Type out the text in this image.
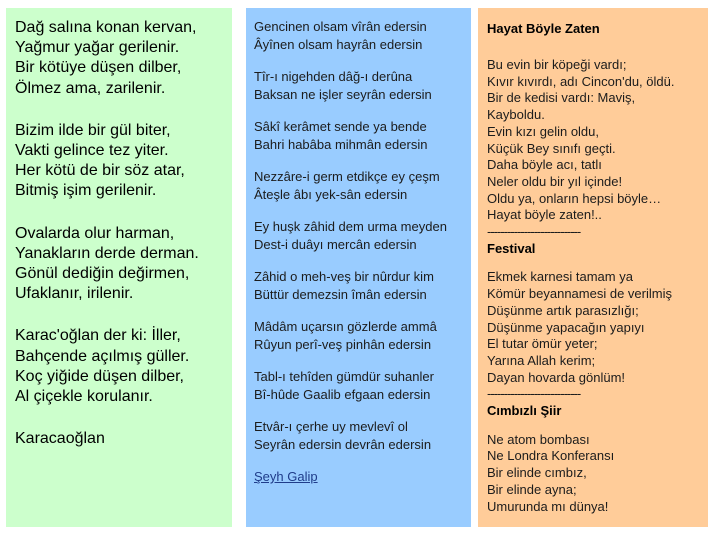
Dağ salına konan kervan,
Yağmur yağar gerilenir.
Bir kötüye düşen dilber,
Ölmez ama, zarilenir.

Bizim ilde bir gül biter,
Vakti gelince tez yiter.
Her kötü de bir söz atar,
Bitmiş işim gerilenir.

Ovalarda olur harman,
Yanakların derde derman.
Gönül dediğin değirmen,
Ufaklanır, irilenir.

Karac'oğlan der ki: İller,
Bahçende açılmış güller.
Koç yiğide düşen dilber,
Al çiçekle korulanır.

Karacaoğlan

Gencinen olsam vîrân edersin
Âyînen olsam hayrân edersin
Tîr-ı nigehden dâğ-ı derûna
Baksan ne işler seyrân edersin
Sâkî kerâmet sende ya bende
Bahri habâba mihmân edersin
Nezzâre-i germ etdikçe ey çeşm
Âteşle âbı yek-sân edersin
Ey huşk zâhid dem urma meyden
Dest-i duâyı mercân edersin
Zâhid o meh-veş bir nûrdur kim
Büttür demezsin îmân edersin
Mâdâm uçarsın gözlerde ammâ
Rûyun perî-veş pinhân edersin
Tabl-ı tehîden gümdür suhanler
Bî-hûde Gaalib efgaan edersin
Etvâr-ı çerhe uy mevlevî ol
Seyrân edersin devrân edersin
Şeyh Galip
Hayat Böyle Zaten
Bu evin bir köpeği vardı;
Kıvır kıvırdı, adı Cincon'du, öldü.
Bir de kedisi vardı: Maviş,
Kayboldu.
Evin kızı gelin oldu,
Küçük Bey sınıfı geçti.
Daha böyle acı, tatlı
Neler oldu bir yıl içinde!
Oldu ya, onların hepsi böyle…
Hayat böyle zaten!..
----------------------------
Festival
Ekmek karnesi tamam ya
Kömür beyannamesi de verilmiş
Düşünme artık parasızlığı;
Düşünme yapacağın yapıyı
El tutar ömür yeter;
Yarına Allah kerim;
Dayan hovarda gönlüm!
----------------------------
Cımbızlı Şiir
Ne atom bombası
Ne Londra Konferansı
Bir elinde cımbız,
Bir elinde ayna;
Umurunda mı dünya!
